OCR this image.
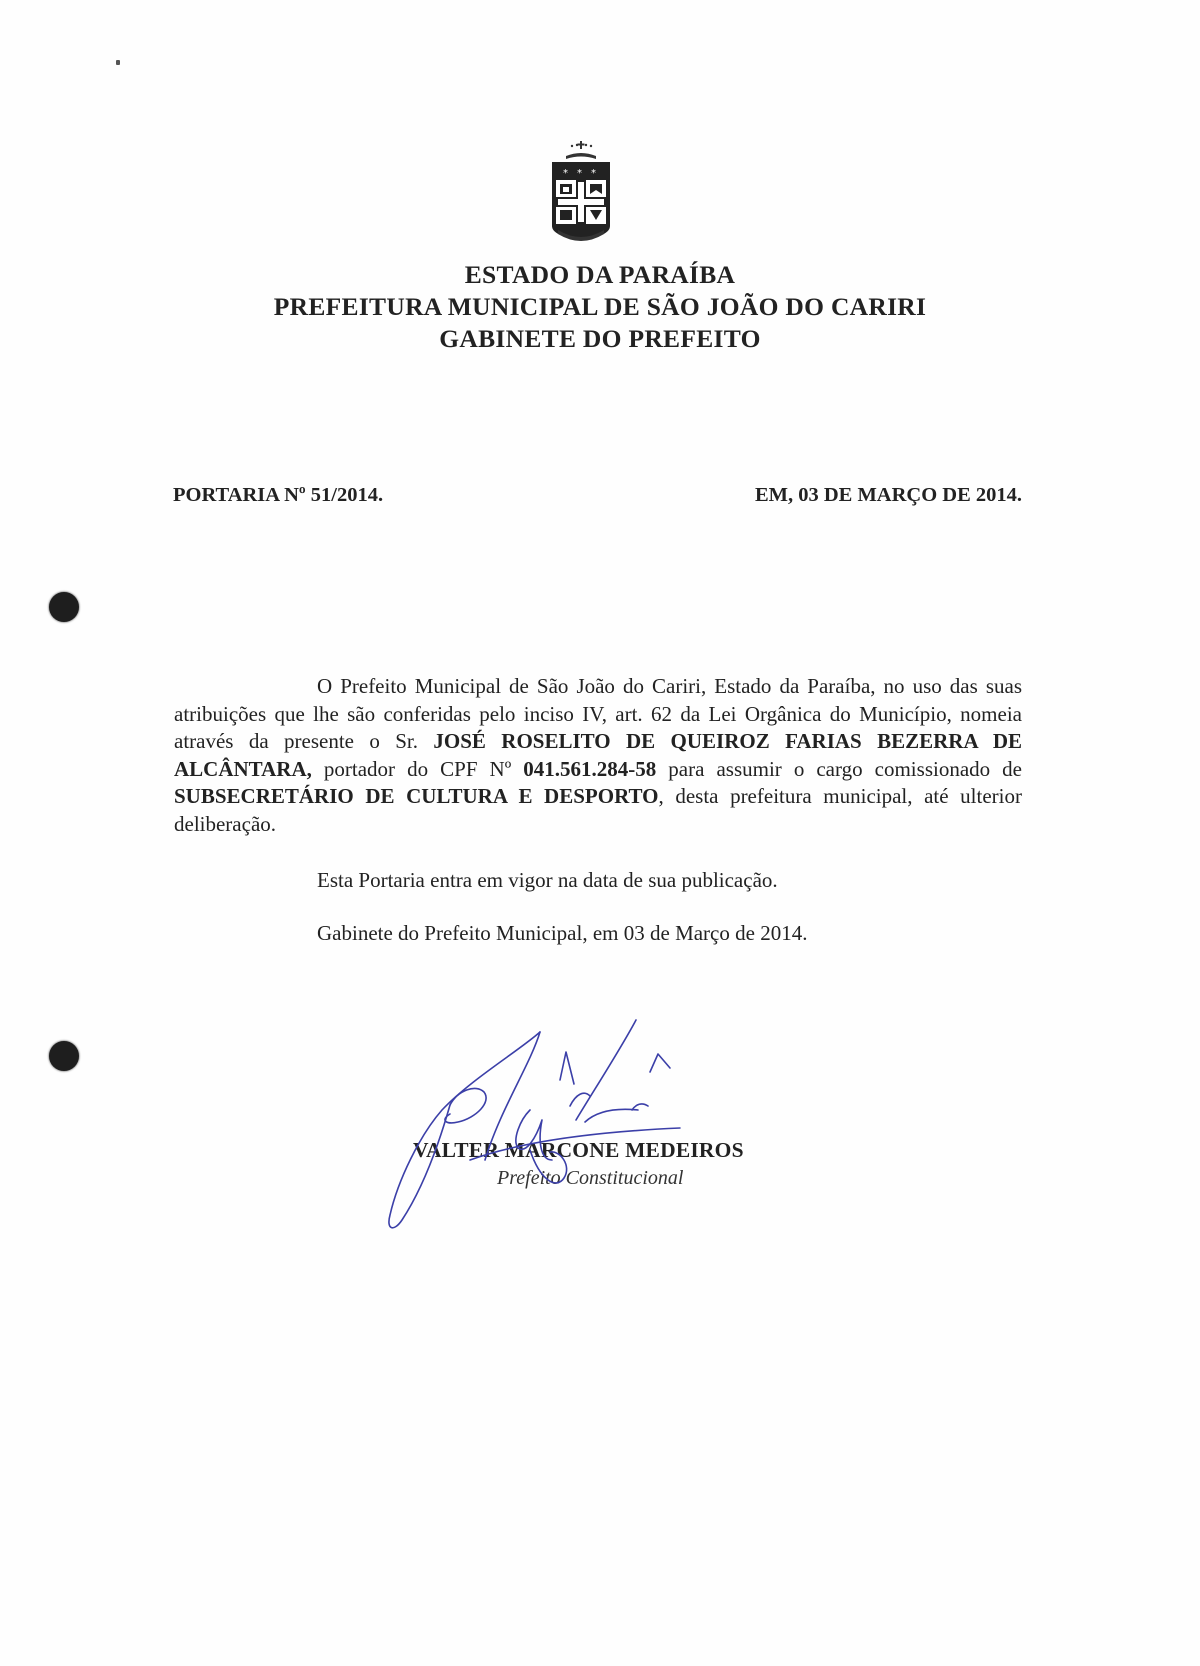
* * *
ESTADO DA PARAÍBA
PREFEITURA MUNICIPAL DE SÃO JOÃO DO CARIRI
GABINETE DO PREFEITO
PORTARIA Nº 51/2014.	EM, 03 DE MARÇO DE 2014.
O Prefeito Municipal de São João do Cariri, Estado da Paraíba, no uso das suas atribuições que lhe são conferidas pelo inciso IV, art. 62 da Lei Orgânica do Município, nomeia através da presente o Sr. JOSÉ ROSELITO DE QUEIROZ FARIAS BEZERRA DE ALCÂNTARA, portador do CPF Nº 041.561.284-58 para assumir o cargo comissionado de SUBSECRETÁRIO DE CULTURA E DESPORTO, desta prefeitura municipal, até ulterior deliberação.
Esta Portaria entra em vigor na data de sua publicação.
Gabinete do Prefeito Municipal, em 03 de Março de 2014.
VALTER MARCONE MEDEIROS
Prefeito Constitucional
